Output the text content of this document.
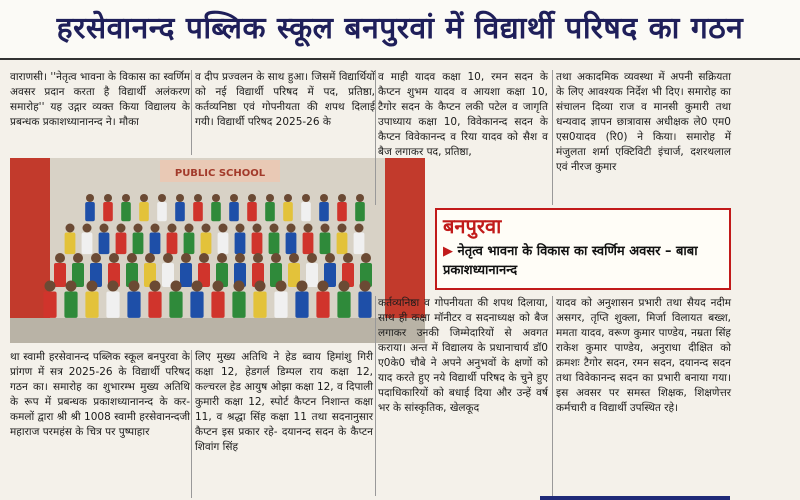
हरसेवानन्द पब्लिक स्कूल बनपुरवां में विद्यार्थी परिषद का गठन

वाराणसी। ''नेतृत्व भावना के विकास का स्वर्णिम अवसर प्रदान करता है विद्यार्थी अलंकरण समारोह'' यह उद्गार व्यक्त किया विद्यालय के प्रबन्धक प्रकाशध्यानानन्द ने। मौका

व दीप प्रज्वलन के साथ हुआ। जिसमें विद्यार्थियों को नई विद्यार्थी परिषद में पद, प्रतिष्ठा, कर्तव्यनिष्ठा एवं गोपनीयता की शपथ दिलाई गयी। विद्यार्थी परिषद 2025-26 के

व माही यादव कक्षा 10, रमन सदन के कैप्टन शुभम यादव व आयशा कक्षा 10, टैगोर सदन के कैप्टन लकी पटेल व जागृति उपाध्याय कक्षा 10, विवेकानन्द सदन के कैप्टन विवेकानन्द व रिया यादव को सैश व बैज लगाकर पद, प्रतिष्ठा,

तथा अकादमिक व्यवस्था में अपनी सक्रियता के लिए आवश्यक निर्देश भी दिए। समारोह का संचालन दिव्या राज व मानसी कुमारी तथा धन्यवाद ज्ञापन छात्रावास अधीक्षक ले0 एम0 एस0यादव (रि0) ने किया। समारोह में मंजुलता शर्मा एक्टिविटी इंचार्ज, दशरथलाल एवं नीरज कुमार

PUBLIC SCHOOL
बनपुरवा
▶ नेतृत्व भावना के विकास का स्वर्णिम अवसर – बाबा प्रकाशध्यानानन्द

था स्वामी हरसेवानन्द पब्लिक स्कूल बनपुरवा के प्रांगण में सत्र 2025-26 के विद्यार्थी परिषद गठन का। समारोह का शुभारम्भ मुख्य अतिथि के रूप में प्रबन्धक प्रकाशध्यानानन्द के कर-कमलों द्वारा श्री श्री 1008 स्वामी हरसेवानन्दजी महाराज परमहंस के चित्र पर पुष्पाहार

लिए मुख्य अतिथि ने हेड ब्वाय हिमांशु गिरी कक्षा 12, हेडगर्ल डिम्पल राय कक्षा 12, कल्चरल हेड आयुष ओझा कक्षा 12, व दिपाली कुमारी कक्षा 12, स्पोर्ट कैप्टन निशान्त कक्षा 11, व श्रद्धा सिंह कक्षा 11 तथा सदनानुसार कैप्टन इस प्रकार रहे- दयानन्द सदन के कैप्टन शिवांग सिंह

कर्तव्यनिष्ठा व गोपनीयता की शपथ दिलाया, साथ ही कक्षा मॉनीटर व सदनाध्यक्ष को बैज लगाकर उनकी जिम्मेदारियों से अवगत कराया। अन्त में विद्यालय के प्रधानाचार्य डॉ0 ए0के0 चौबे ने अपने अनुभवों के क्षणों को याद करते हुए नये विद्यार्थी परिषद के चुने हुए पदाधिकारियों को बधाई दिया और उन्हें वर्ष भर के सांस्कृतिक, खेलकूद

यादव को अनुशासन प्रभारी तथा सैयद नदीम असगर, तृप्ति शुक्ला, मिर्जा विलायत बख्श, ममता यादव, वरूण कुमार पाण्डेय, नम्रता सिंह राकेश कुमार पाण्डेय, अनुराधा दीक्षित को क्रमशः टैगोर सदन, रमन सदन, दयानन्द सदन तथा विवेकानन्द सदन का प्रभारी बनाया गया। इस अवसर पर समस्त शिक्षक, शिक्षणेत्तर कर्मचारी व विद्यार्थी उपस्थित रहे।
